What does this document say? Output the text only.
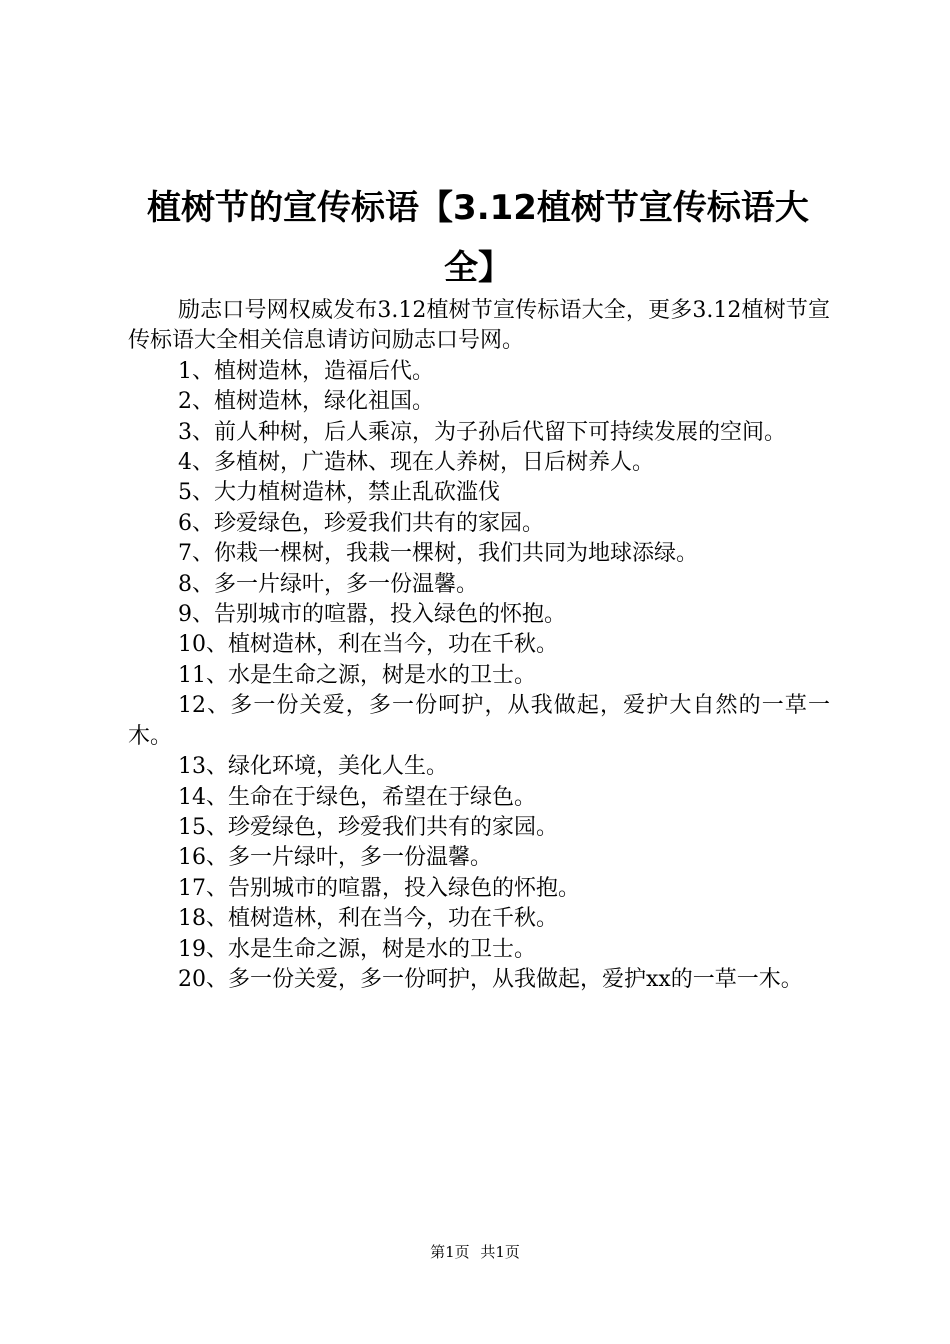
植树节的宣传标语【3.12植树节宣传标语大全】

励志口号网权威发布3.12植树节宣传标语大全，更多3.12植树节宣传标语大全相关信息请访问励志口号网。

1、植树造林，造福后代。

2、植树造林，绿化祖国。

3、前人种树，后人乘凉，为子孙后代留下可持续发展的空间。

4、多植树，广造林、现在人养树，日后树养人。

5、大力植树造林，禁止乱砍滥伐

6、珍爱绿色，珍爱我们共有的家园。

7、你栽一棵树，我栽一棵树，我们共同为地球添绿。

8、多一片绿叶，多一份温馨。

9、告别城市的喧嚣，投入绿色的怀抱。

10、植树造林，利在当今，功在千秋。

11、水是生命之源，树是水的卫士。

12、多一份关爱，多一份呵护，从我做起，爱护大自然的一草一木。

13、绿化环境，美化人生。

14、生命在于绿色，希望在于绿色。

15、珍爱绿色，珍爱我们共有的家园。

16、多一片绿叶，多一份温馨。

17、告别城市的喧嚣，投入绿色的怀抱。

18、植树造林，利在当今，功在千秋。

19、水是生命之源，树是水的卫士。

20、多一份关爱，多一份呵护，从我做起，爱护xx的一草一木。

第1页 共1页
